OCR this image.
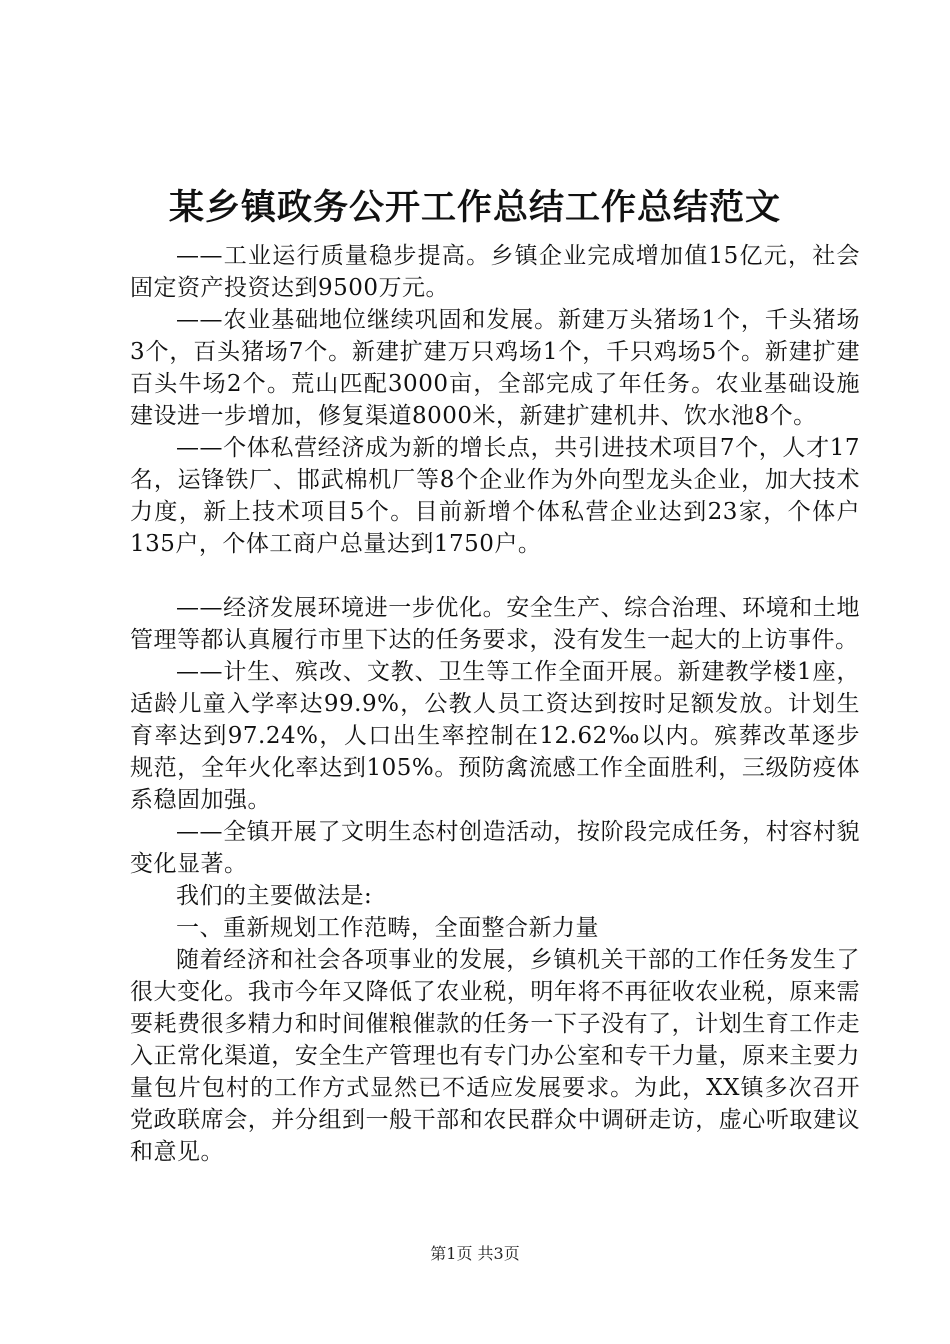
某乡镇政务公开工作总结工作总结范文

——工业运行质量稳步提高。乡镇企业完成增加值15亿元，社会固定资产投资达到9500万元。

——农业基础地位继续巩固和发展。新建万头猪场1个，千头猪场3个，百头猪场7个。新建扩建万只鸡场1个，千只鸡场5个。新建扩建百头牛场2个。荒山匹配3000亩，全部完成了年任务。农业基础设施建设进一步增加，修复渠道8000米，新建扩建机井、饮水池8个。

——个体私营经济成为新的增长点，共引进技术项目7个，人才17名，运锋铁厂、邯武棉机厂等8个企业作为外向型龙头企业，加大技术力度，新上技术项目5个。目前新增个体私营企业达到23家，个体户135户，个体工商户总量达到1750户。

——经济发展环境进一步优化。安全生产、综合治理、环境和土地管理等都认真履行市里下达的任务要求，没有发生一起大的上访事件。

——计生、殡改、文教、卫生等工作全面开展。新建教学楼1座，适龄儿童入学率达99.9%，公教人员工资达到按时足额发放。计划生育率达到97.24%，人口出生率控制在12.62‰以内。殡葬改革逐步规范，全年火化率达到105%。预防禽流感工作全面胜利，三级防疫体系稳固加强。

——全镇开展了文明生态村创造活动，按阶段完成任务，村容村貌变化显著。

我们的主要做法是:

一、重新规划工作范畴，全面整合新力量

随着经济和社会各项事业的发展，乡镇机关干部的工作任务发生了很大变化。我市今年又降低了农业税，明年将不再征收农业税，原来需要耗费很多精力和时间催粮催款的任务一下子没有了，计划生育工作走入正常化渠道，安全生产管理也有专门办公室和专干力量，原来主要力量包片包村的工作方式显然已不适应发展要求。为此，XX镇多次召开党政联席会，并分组到一般干部和农民群众中调研走访，虚心听取建议和意见。

第1页 共3页
